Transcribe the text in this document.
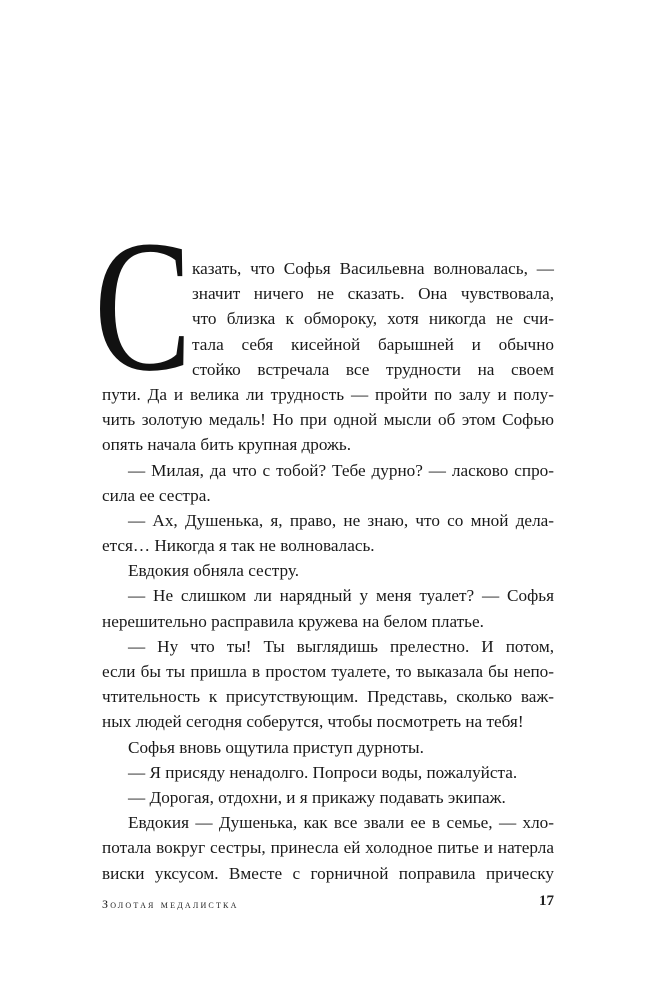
С казать, что Софья Васильевна волновалась, —
значит ничего не сказать. Она чувствовала,
что близка к обмороку, хотя никогда не счи-
тала себя кисейной барышней и обычно
стойко встречала все трудности на своем
пути. Да и велика ли трудность — пройти по залу и полу-
чить золотую медаль! Но при одной мысли об этом Софью
опять начала бить крупная дрожь.
— Милая, да что с тобой? Тебе дурно? — ласково спро-
сила ее сестра.
— Ах, Душенька, я, право, не знаю, что со мной дела-
ется… Никогда я так не волновалась.
Евдокия обняла сестру.
— Не слишком ли нарядный у меня туалет? — Софья
нерешительно расправила кружева на белом платье.
— Ну что ты! Ты выглядишь прелестно. И потом,
если бы ты пришла в простом туалете, то выказала бы непо-
чтительность к присутствующим. Представь, сколько важ-
ных людей сегодня соберутся, чтобы посмотреть на тебя!
Софья вновь ощутила приступ дурноты.
— Я присяду ненадолго. Попроси воды, пожалуйста.
— Дорогая, отдохни, и я прикажу подавать экипаж.
Евдокия — Душенька, как все звали ее в семье, — хло-
потала вокруг сестры, принесла ей холодное питье и натерла
виски уксусом. Вместе с горничной поправила прическу
Золотая медалистка	17
